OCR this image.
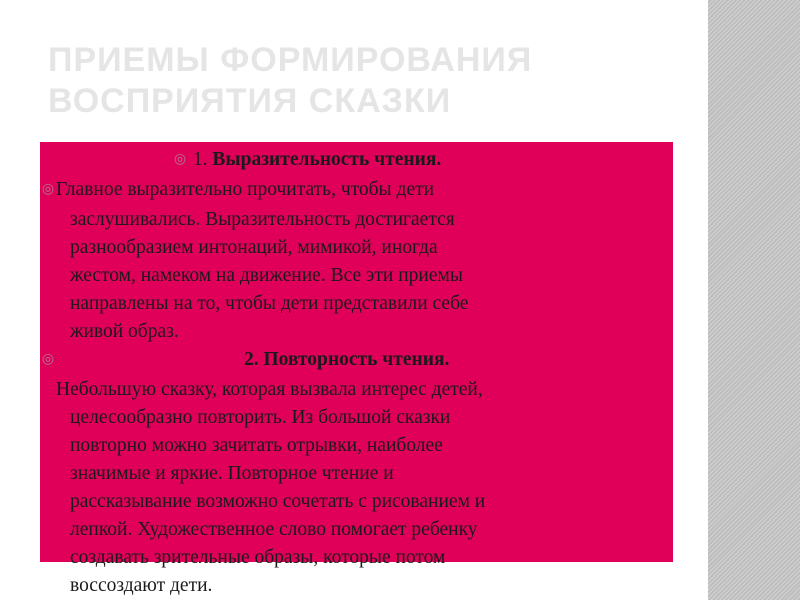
ПРИЕМЫ ФОРМИРОВАНИЯ
ВОСПРИЯТИЯ СКАЗКИ

◎ 1. Выразительность чтения.

◎Главное выразительно прочитать, чтобы дети

заслушивались. Выразительность достигается

разнообразием интонаций, мимикой, иногда

жестом, намеком на движение. Все эти приемы

направлены на то, чтобы дети представили себе

живой образ.

◎	2. Повторность чтения.

Небольшую сказку, которая вызвала интерес детей,

целесообразно повторить. Из большой сказки

повторно можно зачитать отрывки, наиболее

значимые и яркие. Повторное чтение и

рассказывание возможно сочетать с рисованием и

лепкой. Художественное слово помогает ребенку

создавать зрительные образы, которые потом

воссоздают дети.
